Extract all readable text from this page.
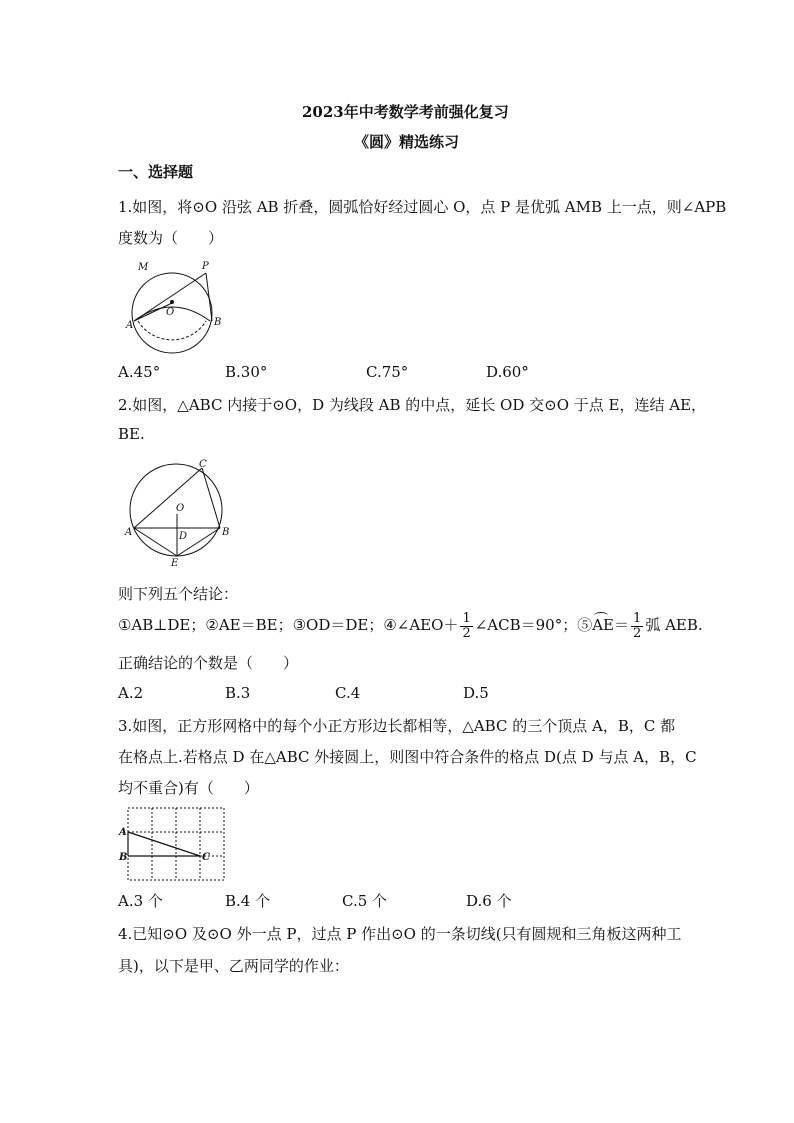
2023年中考数学考前强化复习
《圆》精选练习
一、选择题
1.如图，将⊙O 沿弦 AB 折叠，圆弧恰好经过圆心 O，点 P 是优弧 AMB 上一点，则∠APB
度数为（　　）
M	P
O
A	B
A.45°	B.30°	C.75°	D.60°
2.如图，△ABC 内接于⊙O，D 为线段 AB 的中点，延长 OD 交⊙O 于点 E，连结 AE，
BE.
C
O
A	D	B
E
则下列五个结论：
①AB⊥DE；②AE＝BE；③OD＝DE；④∠AEO＋ $\frac{1}{2}$ ∠ACB＝90°；⑤
$AE= \frac{1}{2}$ 弧 AEB.
正确结论的个数是（　　）
A.2	B.3	C.4	D.5
3.如图，正方形网格中的每个小正方形边长都相等，△ABC 的三个顶点 A，B，C 都
在格点上.若格点 D 在△ABC 外接圆上，则图中符合条件的格点 D(点 D 与点 A，B，C
均不重合)有（　　）
A
B	C
A.3 个	B.4 个	C.5 个	D.6 个
4.已知⊙O 及⊙O 外一点 P，过点 P 作出⊙O 的一条切线(只有圆规和三角板这两种工
具)，以下是甲、乙两同学的作业：
